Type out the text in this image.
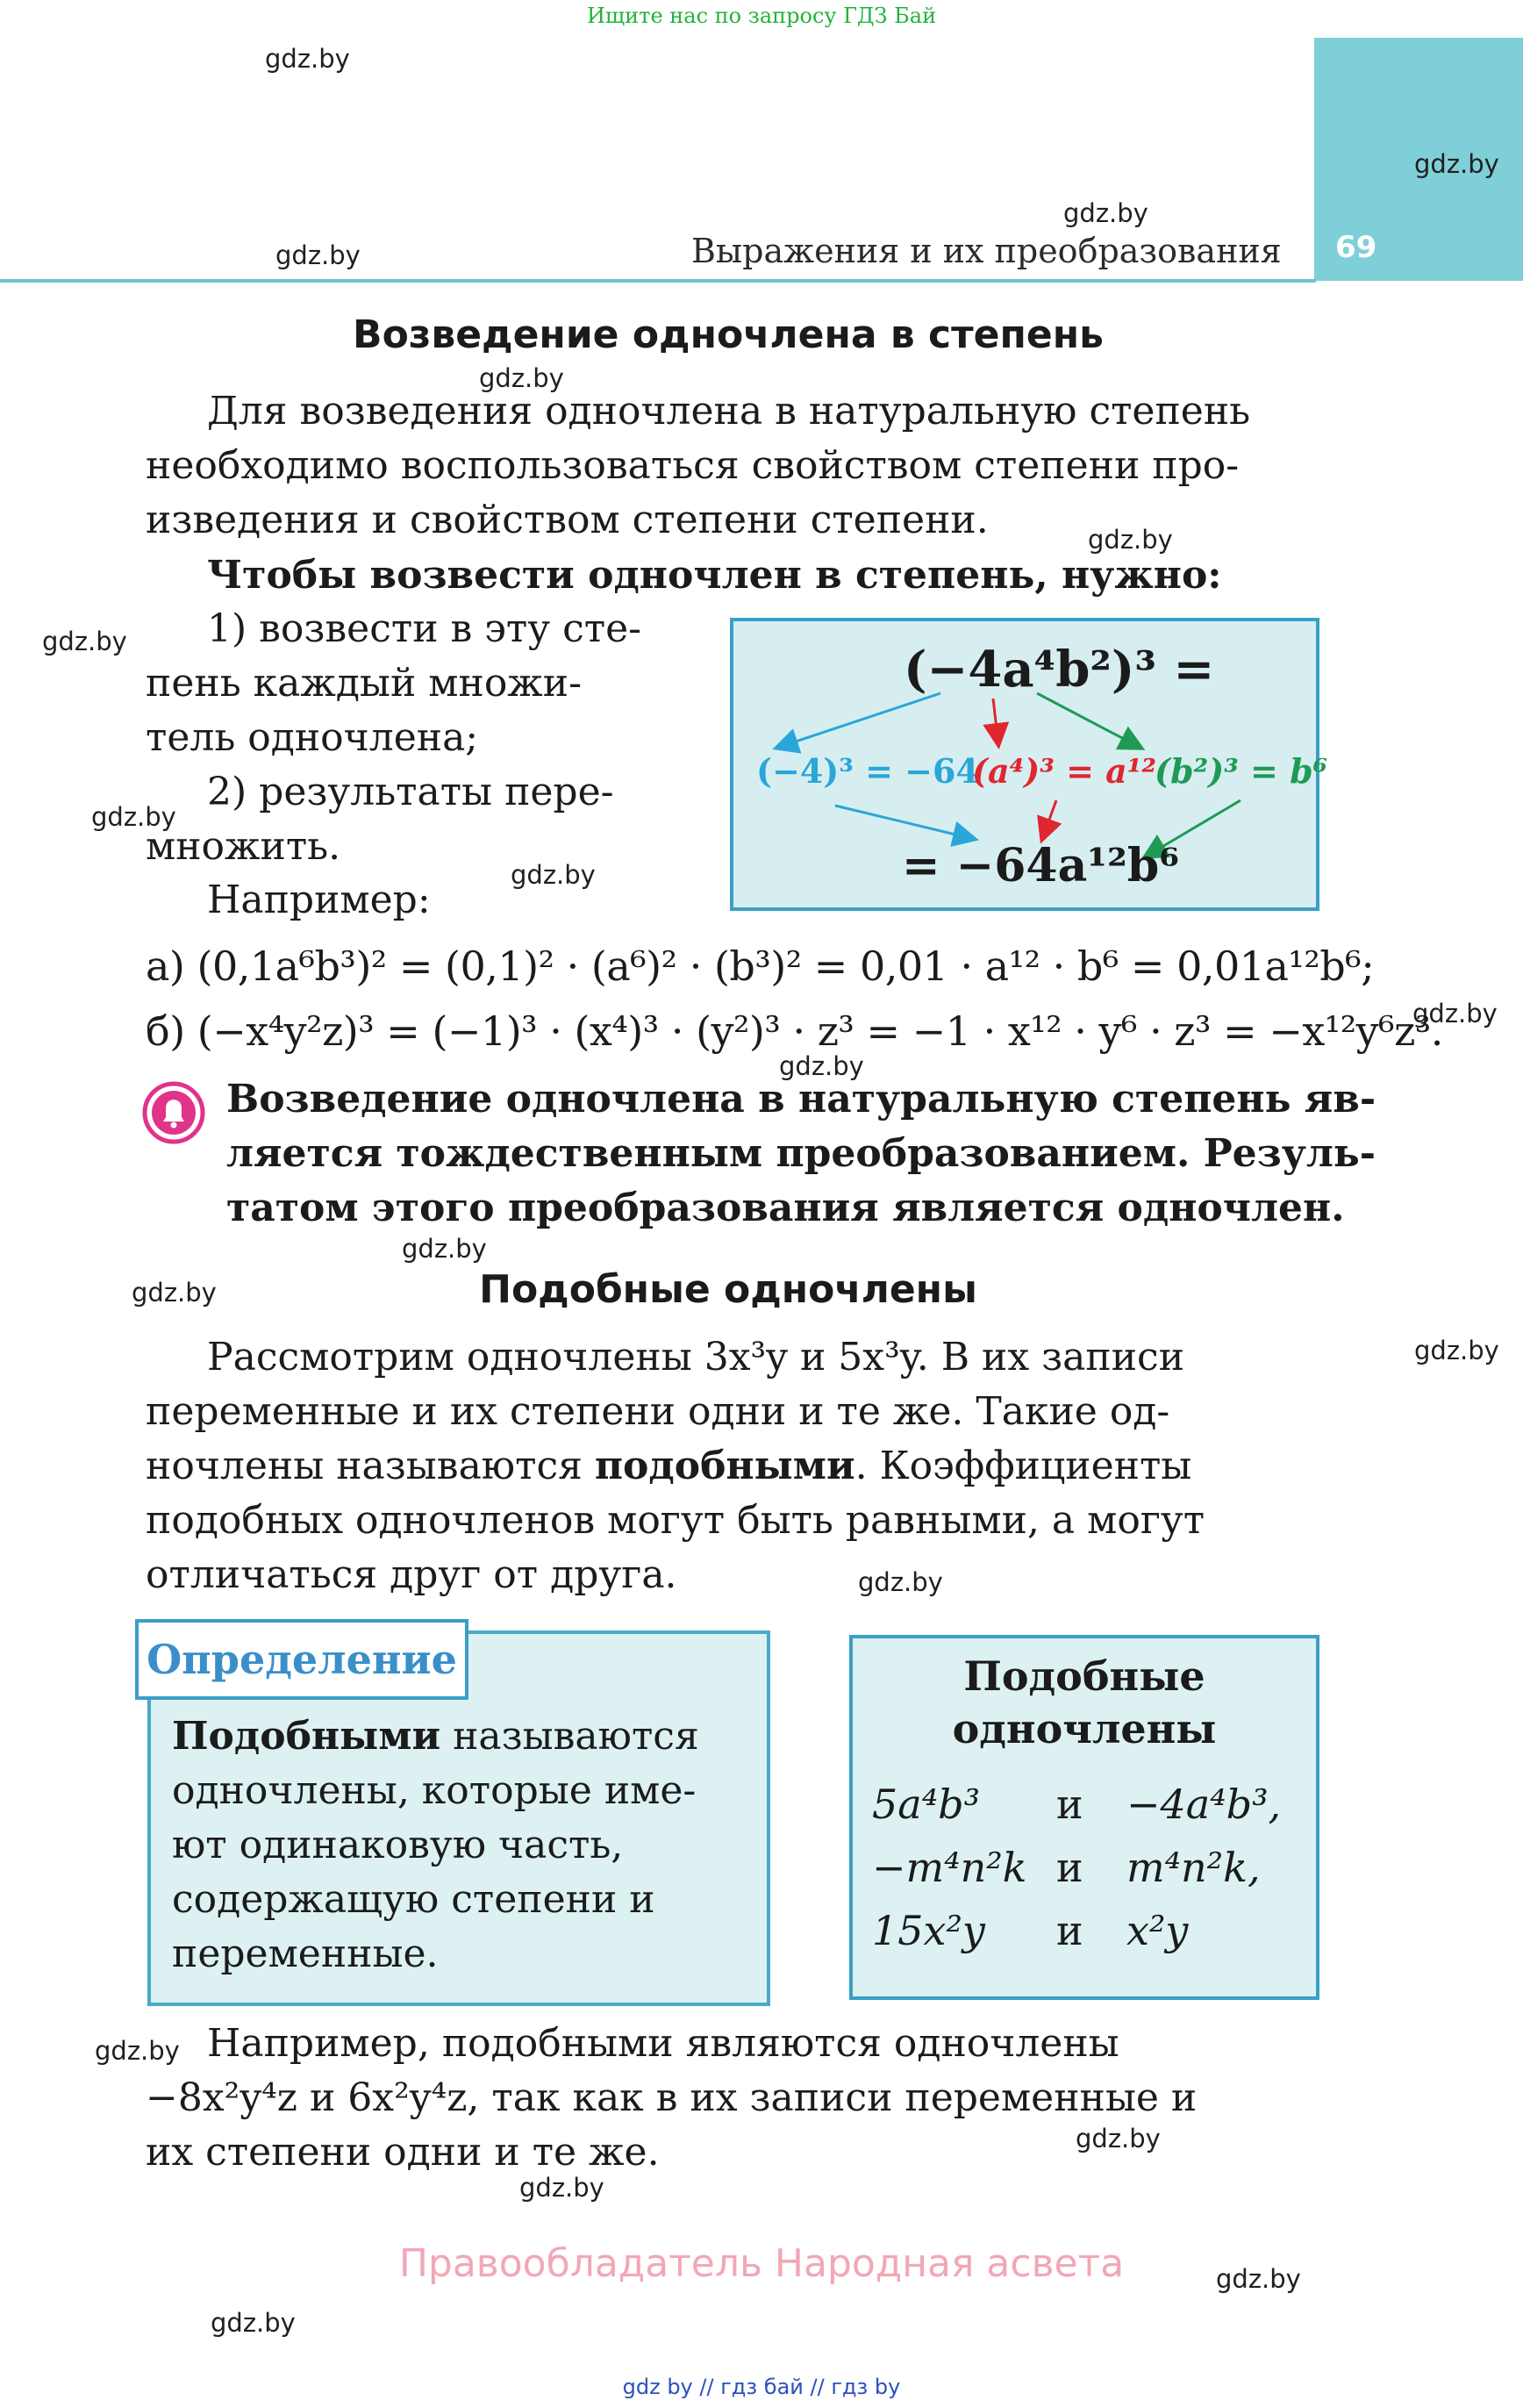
Ищите нас по запросу ГДЗ Бай
69
Выражения и их преобразования
gdz.by
gdz.by
gdz.by
gdz.by
gdz.by
gdz.by
gdz.by
gdz.by
gdz.by
gdz.by
gdz.by
gdz.by
gdz.by
gdz.by
gdz.by
gdz.by
gdz.by
gdz.by
gdz.by
gdz.by
Возведение одночлена в степень
Для возведения одночлена в натуральную степень
необходимо воспользоваться свойством степени про-
изведения и свойством степени степени.
Чтобы возвести одночлен в степень, нужно:
1) возвести в эту сте-
пень каждый множи-
тель одночлена;
2) результаты пере-
множить.
Например:
(−4a⁴b²)³ =
(−4)³ = −64
(a⁴)³ = a¹²
(b²)³ = b⁶
= −64a¹²b⁶
а) (0,1a⁶b³)² = (0,1)² · (a⁶)² · (b³)² = 0,01 · a¹² · b⁶ = 0,01a¹²b⁶;
б) (−x⁴y²z)³ = (−1)³ · (x⁴)³ · (y²)³ · z³ = −1 · x¹² · y⁶ · z³ = −x¹²y⁶z³.
Возведение одночлена в натуральную степень яв-
ляется тождественным преобразованием. Резуль-
татом этого преобразования является одночлен.
Подобные одночлены
Рассмотрим одночлены 3x³y и 5x³y. В их записи
переменные и их степени одни и те же. Такие од-
ночлены называются подобными. Коэффициенты
подобных одночленов могут быть равными, а могут
отличаться друг от друга.
Определение
Подобными называются
одночлены, которые име-
ют одинаковую часть,
содержащую степени и
переменные.
Подобные
одночлены
5a⁴b³	и	−4a⁴b³,
−m⁴n²k и	m⁴n²k,
15x²y	и	x²y
Например, подобными являются одночлены
−8x²y⁴z и 6x²y⁴z, так как в их записи переменные и
их степени одни и те же.
Правообладатель Народная асвета
gdz by // гдз бай // гдз by
